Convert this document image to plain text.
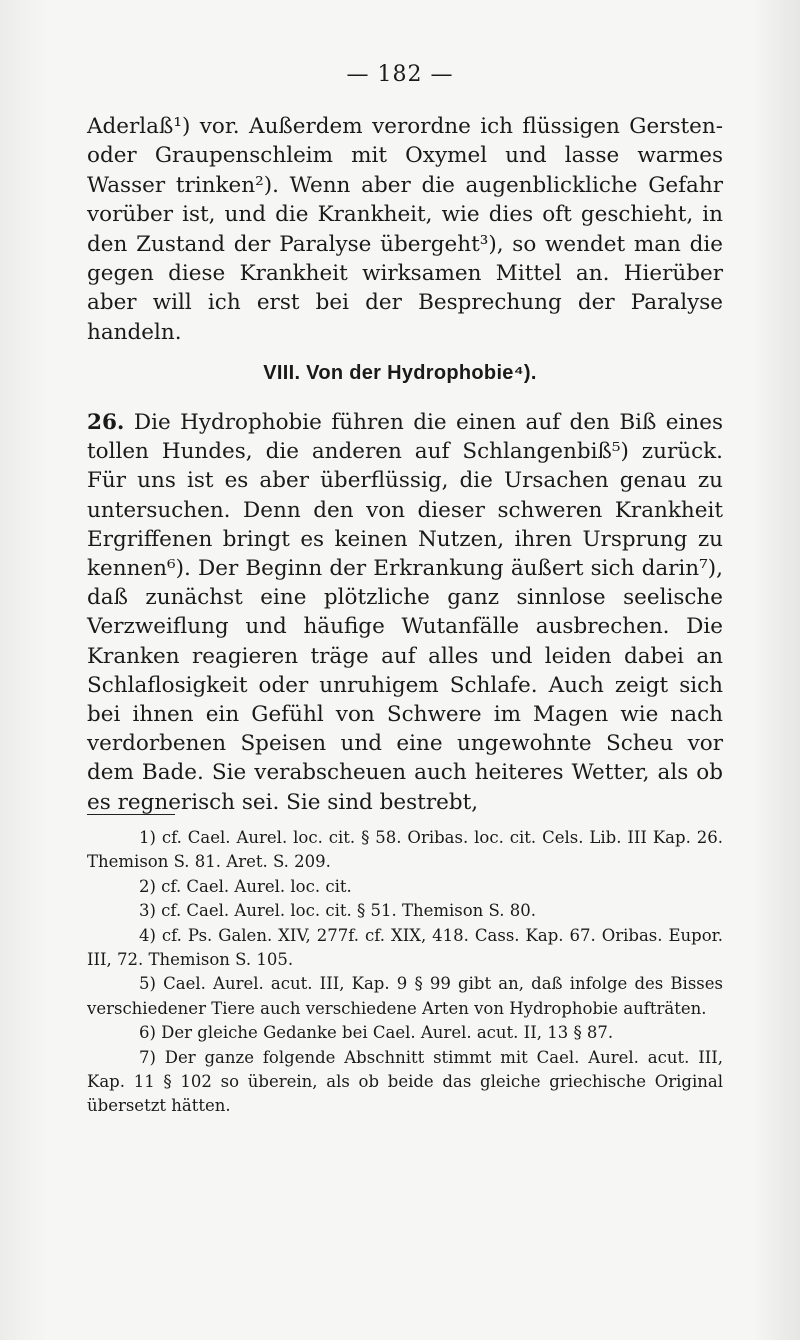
— 182 —

Aderlaß¹) vor. Außerdem verordne ich flüssigen Gersten- oder Graupenschleim mit Oxymel und lasse warmes Wasser trinken²). Wenn aber die augenblickliche Gefahr vorüber ist, und die Krankheit, wie dies oft geschieht, in den Zustand der Paralyse übergeht³), so wendet man die gegen diese Krankheit wirksamen Mittel an. Hierüber aber will ich erst bei der Besprechung der Paralyse handeln.

VIII. Von der Hydrophobie⁴).

26. Die Hydrophobie führen die einen auf den Biß eines tollen Hundes, die anderen auf Schlangenbiß⁵) zurück. Für uns ist es aber überflüssig, die Ursachen genau zu untersuchen. Denn den von dieser schweren Krankheit Ergriffenen bringt es keinen Nutzen, ihren Ursprung zu kennen⁶). Der Beginn der Erkrankung äußert sich darin⁷), daß zunächst eine plötzliche ganz sinnlose seelische Verzweiflung und häufige Wutanfälle ausbrechen. Die Kranken reagieren träge auf alles und leiden dabei an Schlaflosigkeit oder unruhigem Schlafe. Auch zeigt sich bei ihnen ein Gefühl von Schwere im Magen wie nach verdorbenen Speisen und eine ungewohnte Scheu vor dem Bade. Sie verabscheuen auch heiteres Wetter, als ob es regnerisch sei. Sie sind bestrebt,

1) cf. Cael. Aurel. loc. cit. § 58. Oribas. loc. cit. Cels. Lib. III Kap. 26. Themison S. 81. Aret. S. 209.

2) cf. Cael. Aurel. loc. cit.

3) cf. Cael. Aurel. loc. cit. § 51. Themison S. 80.

4) cf. Ps. Galen. XIV, 277f. cf. XIX, 418. Cass. Kap. 67. Oribas. Eupor. III, 72. Themison S. 105.

5) Cael. Aurel. acut. III, Kap. 9 § 99 gibt an, daß infolge des Bisses verschiedener Tiere auch verschiedene Arten von Hydrophobie aufträten.

6) Der gleiche Gedanke bei Cael. Aurel. acut. II, 13 § 87.

7) Der ganze folgende Abschnitt stimmt mit Cael. Aurel. acut. III, Kap. 11 § 102 so überein, als ob beide das gleiche griechische Original übersetzt hätten.
